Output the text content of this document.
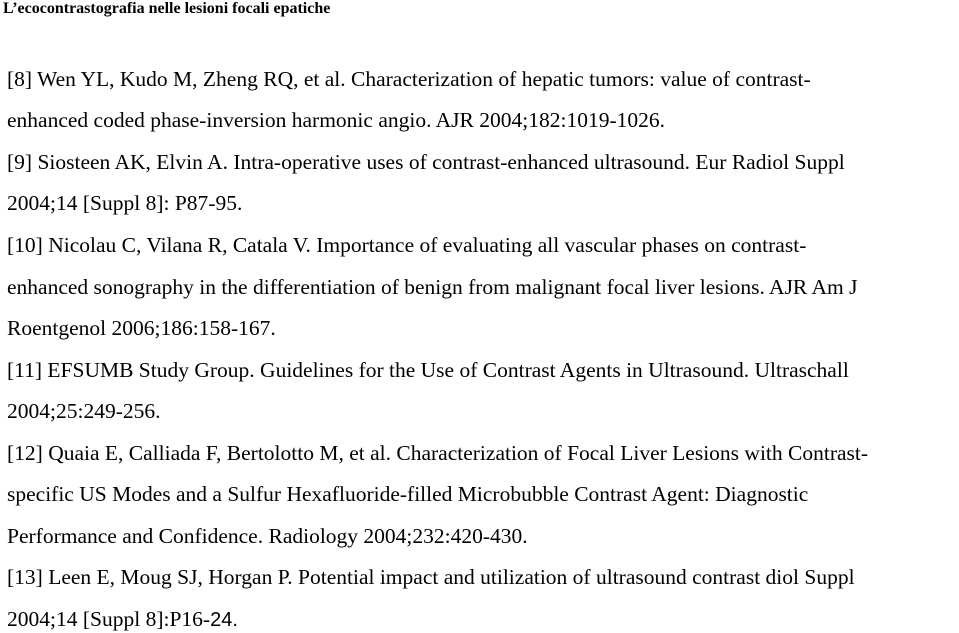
L’ecocontrastografia nelle lesioni focali epatiche
[8] Wen YL, Kudo M, Zheng RQ, et al. Characterization of hepatic tumors: value of contrast-
enhanced coded phase-inversion harmonic angio. AJR 2004;182:1019-1026.
[9] Siosteen AK, Elvin A. Intra-operative uses of contrast-enhanced ultrasound. Eur Radiol Suppl
2004;14 [Suppl 8]: P87-95.
[10] Nicolau C, Vilana R, Catala V. Importance of evaluating all vascular phases on contrast-
enhanced sonography in the differentiation of benign from malignant focal liver lesions. AJR Am J
Roentgenol 2006;186:158-167.
[11] EFSUMB Study Group. Guidelines for the Use of Contrast Agents in Ultrasound. Ultraschall
2004;25:249-256.
[12] Quaia E, Calliada F, Bertolotto M, et al. Characterization of Focal Liver Lesions with Contrast-
specific US Modes and a Sulfur Hexafluoride-filled Microbubble Contrast Agent: Diagnostic
Performance and Confidence. Radiology 2004;232:420-430.
[13] Leen E, Moug SJ, Horgan P. Potential impact and utilization of ultrasound contrast diol Suppl
2004;14 [Suppl 8]:P16-24.
